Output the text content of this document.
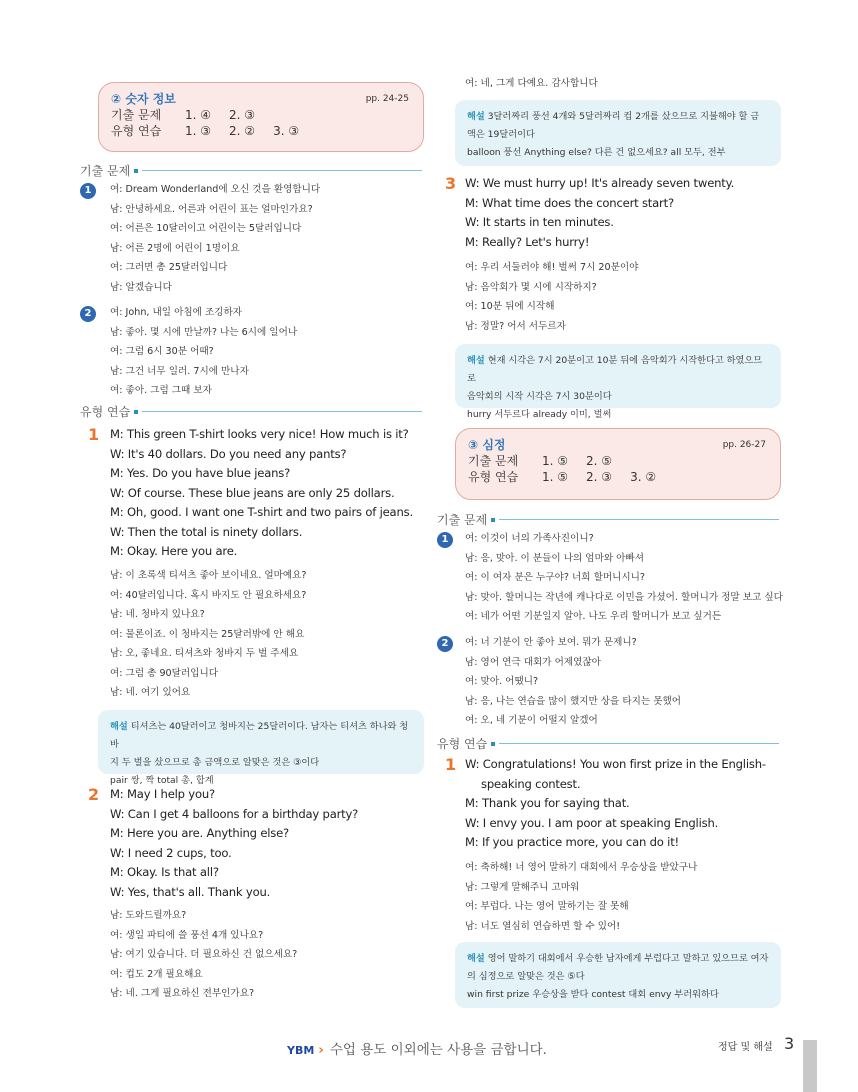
② 숫자 정보	pp. 24-25
기출 문제	1. ④ 2. ③
유형 연습	1. ③ 2. ② 3. ③
기출 문제
1	여: Dream Wonderland에 오신 것을 환영합니다
남: 안녕하세요. 어른과 어린이 표는 얼마인가요?
여: 어른은 10달러이고 어린이는 5달러입니다
남: 어른 2명에 어린이 1명이요
여: 그러면 총 25달러입니다
남: 알겠습니다
2	여: John, 내일 아침에 조깅하자
남: 좋아. 몇 시에 만날까? 나는 6시에 일어나
여: 그럼 6시 30분 어때?
남: 그건 너무 일러. 7시에 만나자
여: 좋아. 그럼 그때 보자
유형 연습
1 M: This green T-shirt looks very nice! How much is it?
W: It's 40 dollars. Do you need any pants?
M: Yes. Do you have blue jeans?
W: Of course. These blue jeans are only 25 dollars.
M: Oh, good. I want one T-shirt and two pairs of jeans.
W: Then the total is ninety dollars.
M: Okay. Here you are.
남: 이 초록색 티셔츠 좋아 보이네요. 얼마예요?
여: 40달러입니다. 혹시 바지도 안 필요하세요?
남: 네. 청바지 있나요?
여: 물론이죠. 이 청바지는 25달러밖에 안 해요
남: 오, 좋네요. 티셔츠와 청바지 두 벌 주세요
여: 그럼 총 90달러입니다
남: 네. 여기 있어요
해설 티셔츠는 40달러이고 청바지는 25달러이다. 남자는 티셔츠 하나와 청바
지 두 벌을 샀으므로 총 금액으로 알맞은 것은 ③이다
pair 쌍, 짝 total 총, 합계
2 M: May I help you?
W: Can I get 4 balloons for a birthday party?
M: Here you are. Anything else?
W: I need 2 cups, too.
M: Okay. Is that all?
W: Yes, that's all. Thank you.
남: 도와드릴까요?
여: 생일 파티에 쓸 풍선 4개 있나요?
남: 여기 있습니다. 더 필요하신 건 없으세요?
여: 컵도 2개 필요해요
남: 네. 그게 필요하신 전부인가요?
여: 네, 그게 다예요. 감사합니다
해설 3달러짜리 풍선 4개와 5달러짜리 컵 2개를 샀으므로 지불해야 할 금
액은 19달러이다
balloon 풍선 Anything else? 다른 건 없으세요? all 모두, 전부
3 W: We must hurry up! It's already seven twenty.
M: What time does the concert start?
W: It starts in ten minutes.
M: Really? Let's hurry!
여: 우리 서둘러야 해! 벌써 7시 20분이야
남: 음악회가 몇 시에 시작하지?
여: 10분 뒤에 시작해
남: 정말? 어서 서두르자
해설 현재 시각은 7시 20분이고 10분 뒤에 음악회가 시작한다고 하였으므로
음악회의 시작 시각은 7시 30분이다
hurry 서두르다 already 이미, 벌써
③ 심정	pp. 26-27
기출 문제	1. ⑤ 2. ⑤
유형 연습	1. ⑤ 2. ③ 3. ②
기출 문제
1	여: 이것이 너의 가족사진이니?
남: 응, 맞아. 이 분들이 나의 엄마와 아빠셔
여: 이 여자 분은 누구야? 너희 할머니시니?
남: 맞아. 할머니는 작년에 캐나다로 이민을 가셨어. 할머니가 정말 보고 싶다
여: 네가 어떤 기분일지 알아. 나도 우리 할머니가 보고 싶거든
2	여: 너 기분이 안 좋아 보여. 뭐가 문제니?
남: 영어 연극 대회가 어제였잖아
여: 맞아. 어땠니?
남: 응, 나는 연습을 많이 했지만 상을 타지는 못했어
여: 오, 네 기분이 어떨지 알겠어
유형 연습
1 W: Congratulations! You won first prize in the English-
speaking contest.
M: Thank you for saying that.
W: I envy you. I am poor at speaking English.
M: If you practice more, you can do it!
여: 축하해! 너 영어 말하기 대회에서 우승상을 받았구나
남: 그렇게 말해주니 고마워
여: 부럽다. 나는 영어 말하기는 잘 못해
남: 너도 열심히 연습하면 할 수 있어!
해설 영어 말하기 대회에서 우승한 남자에게 부럽다고 말하고 있으므로 여자
의 심정으로 알맞은 것은 ⑤다
win first prize 우승상을 받다 contest 대회 envy 부러워하다
YBM › 수업 용도 이외에는 사용을 금합니다.	정답 및 해설 3
